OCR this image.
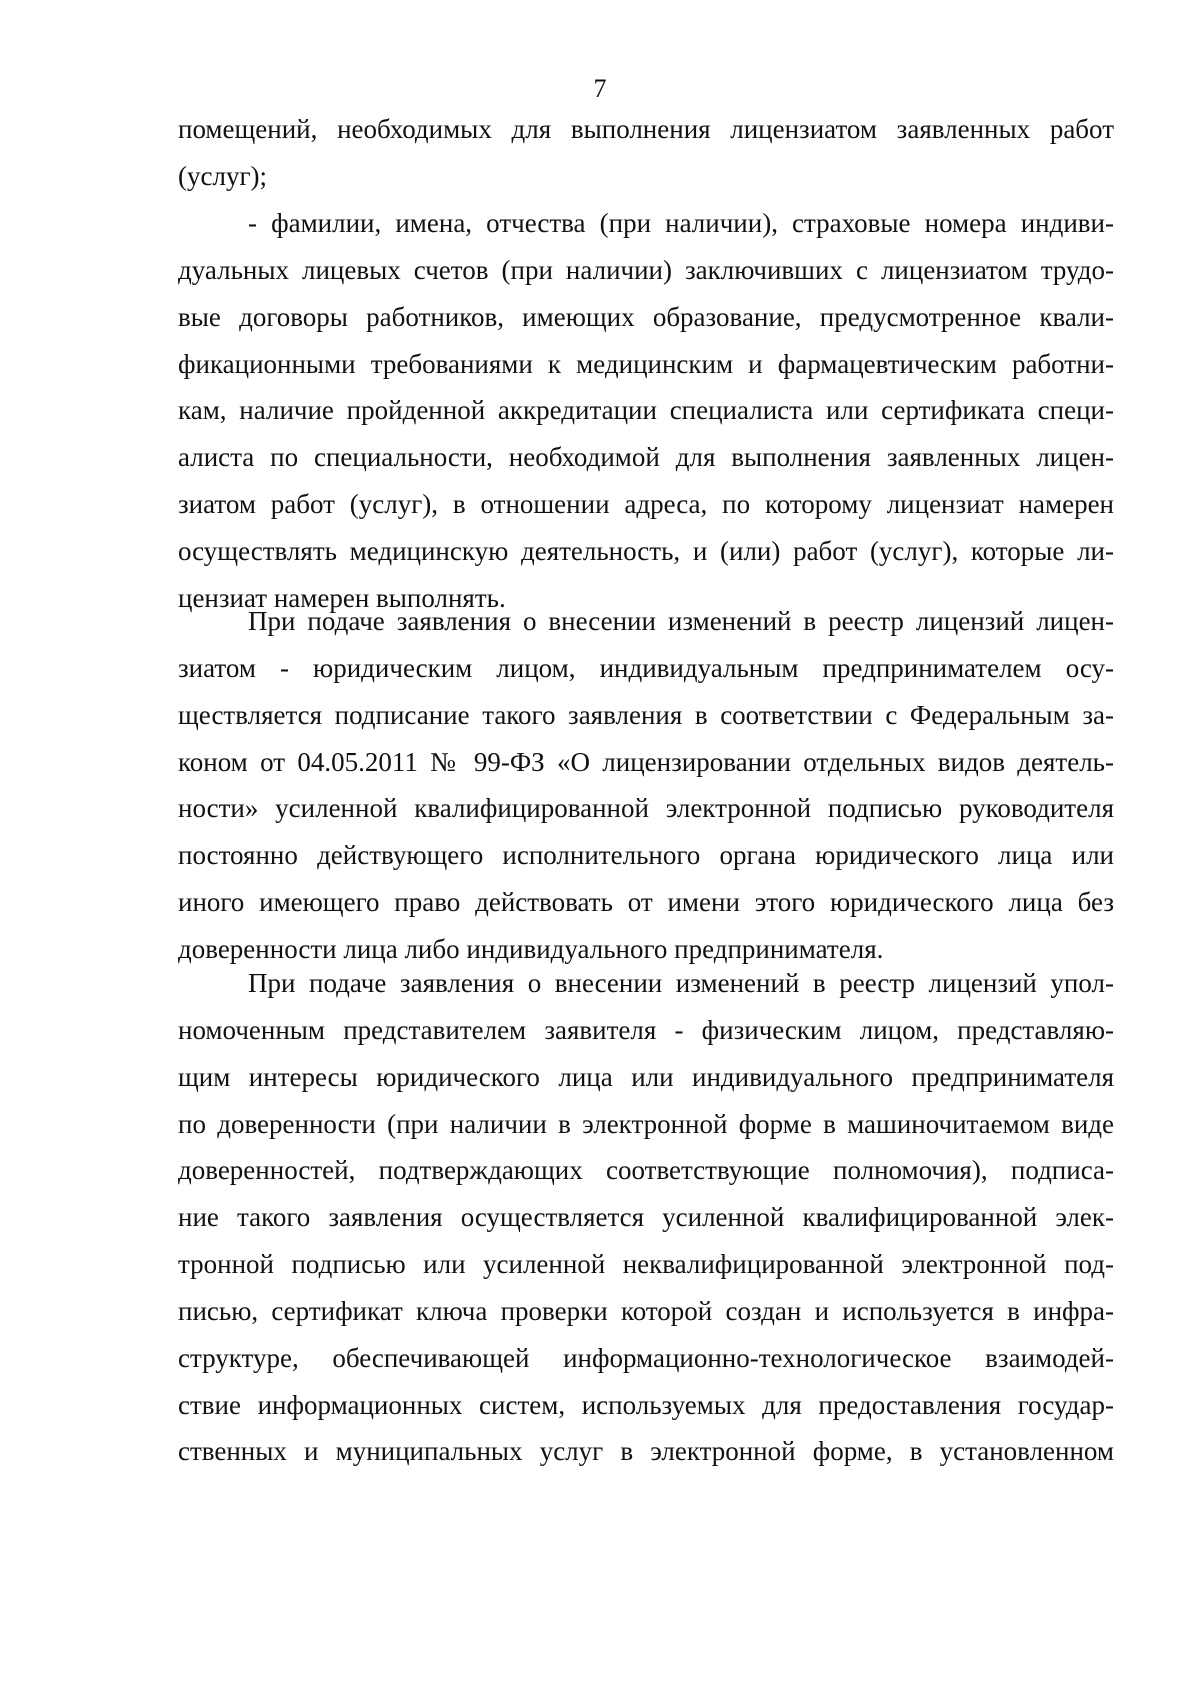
7
помещений, необходимых для выполнения лицензиатом заявленных работ
(услуг);
- фамилии, имена, отчества (при наличии), страховые номера индиви-
дуальных лицевых счетов (при наличии) заключивших с лицензиатом трудо-
вые договоры работников, имеющих образование, предусмотренное квали-
фикационными требованиями к медицинским и фармацевтическим работни-
кам, наличие пройденной аккредитации специалиста или сертификата специ-
алиста по специальности, необходимой для выполнения заявленных лицен-
зиатом работ (услуг), в отношении адреса, по которому лицензиат намерен
осуществлять медицинскую деятельность, и (или) работ (услуг), которые ли-
цензиат намерен выполнять.
При подаче заявления о внесении изменений в реестр лицензий лицен-
зиатом - юридическим лицом, индивидуальным предпринимателем осу-
ществляется подписание такого заявления в соответствии с Федеральным за-
коном от 04.05.2011 № 99-ФЗ «О лицензировании отдельных видов деятель-
ности» усиленной квалифицированной электронной подписью руководителя
постоянно действующего исполнительного органа юридического лица или
иного имеющего право действовать от имени этого юридического лица без
доверенности лица либо индивидуального предпринимателя.
При подаче заявления о внесении изменений в реестр лицензий упол-
номоченным представителем заявителя - физическим лицом, представляю-
щим интересы юридического лица или индивидуального предпринимателя
по доверенности (при наличии в электронной форме в машиночитаемом виде
доверенностей, подтверждающих соответствующие полномочия), подписа-
ние такого заявления осуществляется усиленной квалифицированной элек-
тронной подписью или усиленной неквалифицированной электронной под-
писью, сертификат ключа проверки которой создан и используется в инфра-
структуре, обеспечивающей информационно-технологическое взаимодей-
ствие информационных систем, используемых для предоставления государ-
ственных и муниципальных услуг в электронной форме, в установленном
